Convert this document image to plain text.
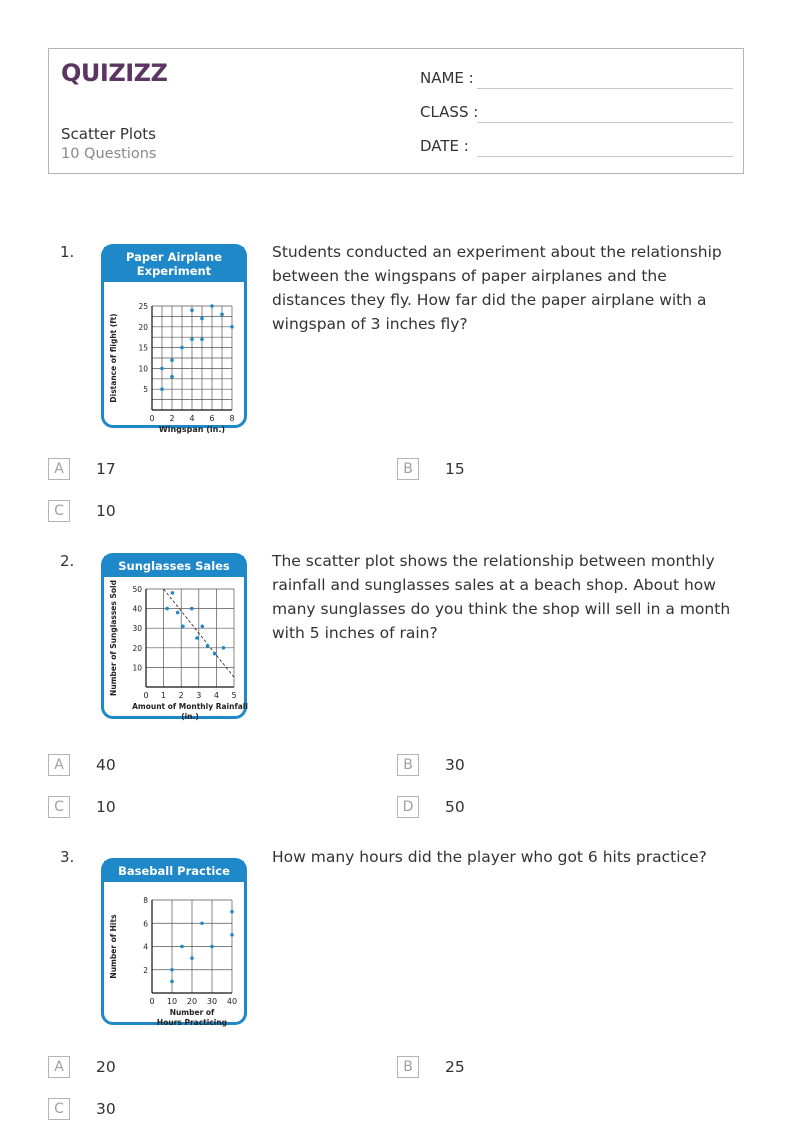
QUIZIZZ
Scatter Plots
10 Questions
NAME :
CLASS :
DATE :
1.	Paper Airplane Experiment
0 2 4 6 8
5
10
15
20
25
Wingspan (in.)
Distance of flight (ft)
Students conducted an experiment about the relationship between the wingspans of paper airplanes and the distances they fly. How far did the paper airplane with a wingspan of 3 inches fly?
A	17	B	15
C	10
2.	Sunglasses Sales
0 1 2 3 4 5
10
20
30
40
50
Amount of Monthly Rainfall
(in.)
Number of Sunglasses Sold
The scatter plot shows the relationship between monthly rainfall and sunglasses sales at a beach shop. About how many sunglasses do you think the shop will sell in a month with 5 inches of rain?
A	40	B	30
C	10	D	50
3.
Baseball Practice
0 10 20 30 40
2
4
6
8
Number of
Hours Practicing
Number of Hits
How many hours did the player who got 6 hits practice?
A	20	B	25
C	30
